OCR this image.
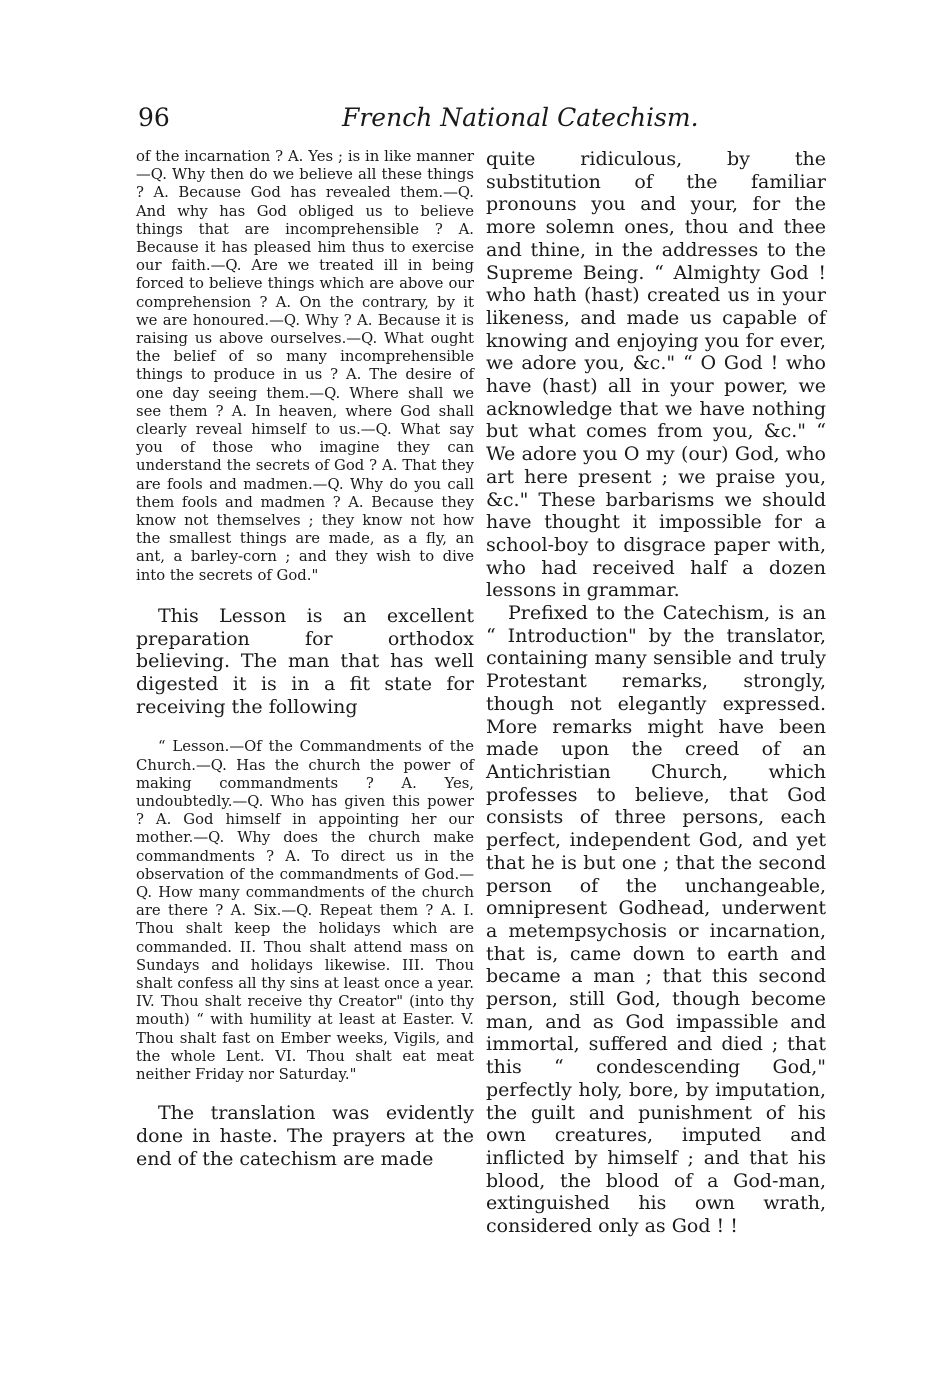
96	French National Catechism.

of the incarnation ? A. Yes ; is in like manner —Q. Why then do we believe all these things ? A. Because God has revealed them.—Q. And why has God obliged us to believe things that are incomprehensible ? A. Because it has pleased him thus to exercise our faith.—Q. Are we treated ill in being forced to believe things which are above our comprehension ? A. On the contrary, by it we are honoured.—Q. Why ? A. Because it is raising us above ourselves.—Q. What ought the belief of so many incomprehensible things to produce in us ? A. The desire of one day seeing them.—Q. Where shall we see them ? A. In heaven, where God shall clearly reveal himself to us.—Q. What say you of those who imagine they can understand the secrets of God ? A. That they are fools and madmen.—Q. Why do you call them fools and madmen ? A. Because they know not themselves ; they know not how the smallest things are made, as a fly, an ant, a barley-corn ; and they wish to dive into the secrets of God."

This Lesson is an excellent preparation for orthodox believing. The man that has well digested it is in a fit state for receiving the following

“ Lesson.—Of the Commandments of the Church.—Q. Has the church the power of making commandments ? A. Yes, undoubtedly.—Q. Who has given this power ? A. God himself in appointing her our mother.—Q. Why does the church make commandments ? A. To direct us in the observation of the commandments of God.—Q. How many commandments of the church are there ? A. Six.—Q. Repeat them ? A. I. Thou shalt keep the holidays which are commanded. II. Thou shalt attend mass on Sundays and holidays likewise. III. Thou shalt confess all thy sins at least once a year. IV. Thou shalt receive thy Creator" (into thy mouth) “ with humility at least at Easter. V. Thou shalt fast on Ember weeks, Vigils, and the whole Lent. VI. Thou shalt eat meat neither Friday nor Saturday."

The translation was evidently done in haste. The prayers at the end of the catechism are made

quite ridiculous, by the substitution of the familiar pronouns you and your, for the more solemn ones, thou and thee and thine, in the addresses to the Supreme Being. “ Almighty God ! who hath (hast) created us in your likeness, and made us capable of knowing and enjoying you for ever, we adore you, &c." “ O God ! who have (hast) all in your power, we acknowledge that we have nothing but what comes from you, &c." “ We adore you O my (our) God, who art here present ; we praise you, &c." These barbarisms we should have thought it impossible for a school-boy to disgrace paper with, who had received half a dozen lessons in grammar.

Prefixed to the Catechism, is an “ Introduction" by the translator, containing many sensible and truly Protestant remarks, strongly, though not elegantly expressed. More remarks might have been made upon the creed of an Antichristian Church, which professes to believe, that God consists of three persons, each perfect, independent God, and yet that he is but one ; that the second person of the unchangeable, omnipresent Godhead, underwent a metempsychosis or incarnation, that is, came down to earth and became a man ; that this second person, still God, though become man, and as God impassible and immortal, suffered and died ; that this “ condescending God," perfectly holy, bore, by imputation, the guilt and punishment of his own creatures, imputed and inflicted by himself ; and that his blood, the blood of a God-man, extinguished his own wrath, considered only as God ! !
